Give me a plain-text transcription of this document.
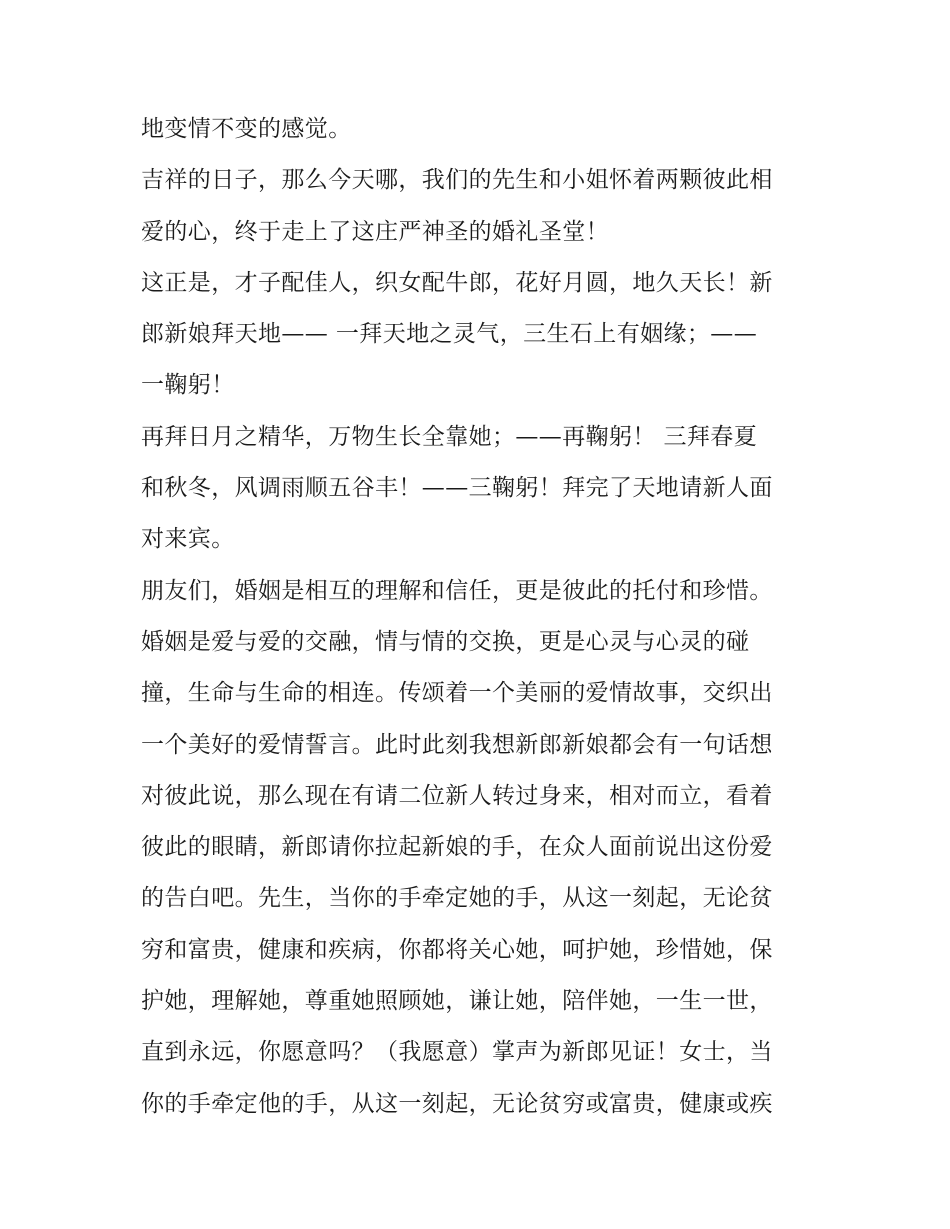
地变情不变的感觉。
吉祥的日子，那么今天哪，我们的先生和小姐怀着两颗彼此相
爱的心，终于走上了这庄严神圣的婚礼圣堂！
这正是，才子配佳人，织女配牛郎，花好月圆，地久天长！新
郎新娘拜天地—— 一拜天地之灵气，三生石上有姻缘；——
一鞠躬！
再拜日月之精华，万物生长全靠她；——再鞠躬！ 三拜春夏
和秋冬，风调雨顺五谷丰！——三鞠躬！拜完了天地请新人面
对来宾。
朋友们，婚姻是相互的理解和信任，更是彼此的托付和珍惜。
婚姻是爱与爱的交融，情与情的交换，更是心灵与心灵的碰
撞，生命与生命的相连。传颂着一个美丽的爱情故事，交织出
一个美好的爱情誓言。此时此刻我想新郎新娘都会有一句话想
对彼此说，那么现在有请二位新人转过身来，相对而立，看着
彼此的眼睛，新郎请你拉起新娘的手，在众人面前说出这份爱
的告白吧。先生，当你的手牵定她的手，从这一刻起，无论贫
穷和富贵，健康和疾病，你都将关心她，呵护她，珍惜她，保
护她，理解她，尊重她照顾她，谦让她，陪伴她，一生一世，
直到永远，你愿意吗？（我愿意）掌声为新郎见证！女士，当
你的手牵定他的手，从这一刻起，无论贫穷或富贵，健康或疾
